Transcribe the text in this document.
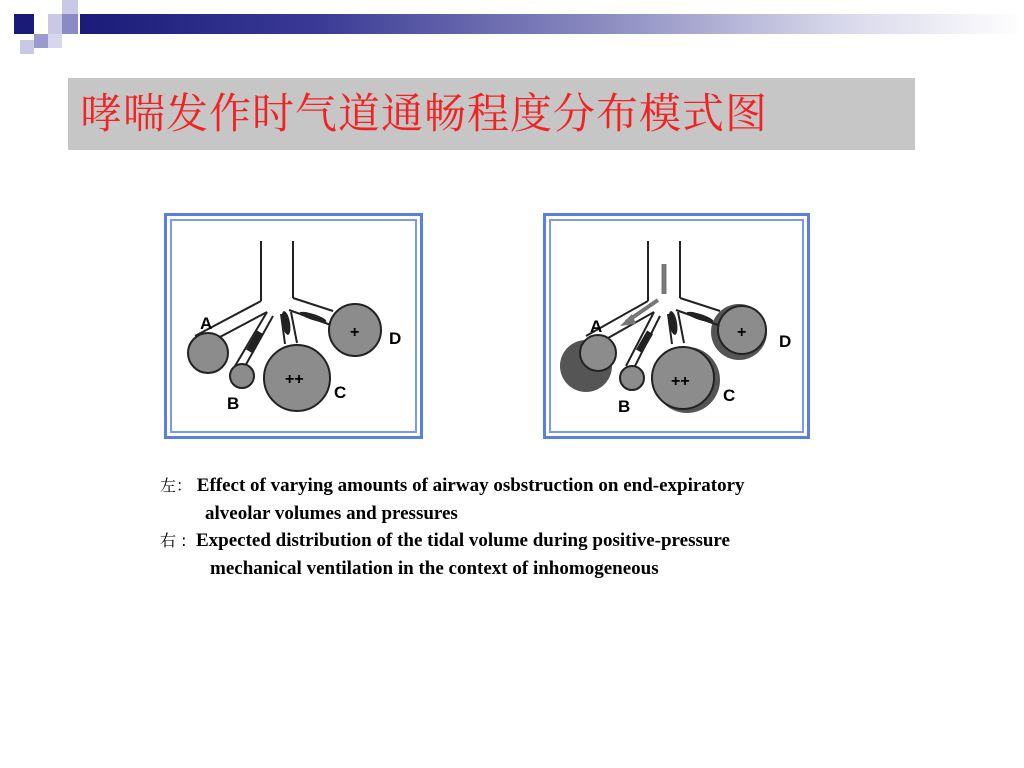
哮喘发作时气道通畅程度分布模式图
A
B
C
D
++
+	A
B
C
D
++
+
左： Effect of varying amounts of airway osbstruction on end-expiratory
alveolar volumes and pressures
右 : Expected distribution of the tidal volume during positive-pressure
mechanical ventilation in the context of inhomogeneous
